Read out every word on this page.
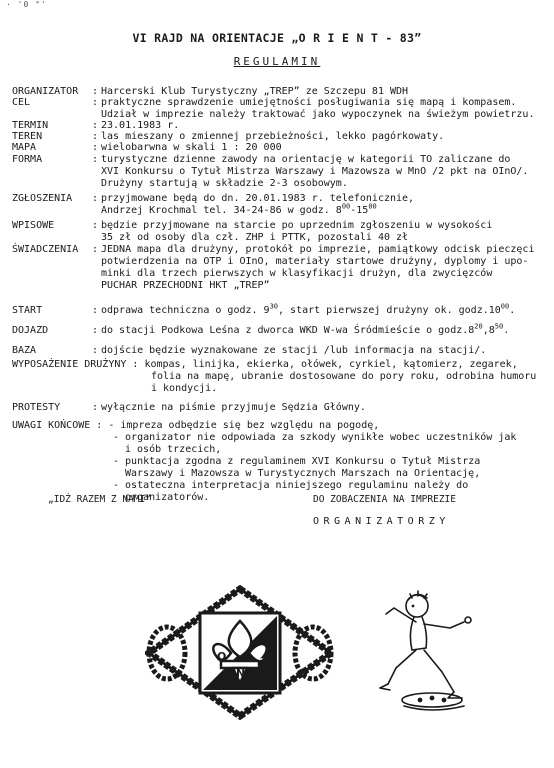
· '0 °'
VI RAJD NA ORIENTACJE „O R I E N T - 83”
REGULAMIN
ORGANIZATOR : Harcerski Klub Turystyczny „TREP” ze Szczepu 81 WDH
CEL	: praktyczne sprawdzenie umiejętności posługiwania się mapą i kompasem.
Udział w imprezie należy traktować jako wypoczynek na świeżym powietrzu.
TERMIN	: 23.01.1983 r.
TEREN	: las mieszany o zmiennej przebieżności, lekko pagórkowaty.
MAPA	: wielobarwna w skali 1 : 20 000
FORMA	: turystyczne dzienne zawody na orientację w kategorii TO zaliczane do
XVI Konkursu o Tytuł Mistrza Warszawy i Mazowsza w MnO /2 pkt na OInO/.
Drużyny startują w składzie 2-3 osobowym.
ZGŁOSZENIA : przyjmowane będą do dn. 20.01.1983 r. telefonicznie,
Andrzej Krochmal tel. 34-24-86 w godz. $8^{00}-15^{00}$
WPISOWE	: będzie przyjmowane na starcie po uprzednim zgłoszeniu w wysokości
35 zł od osoby dla czł. ZHP i PTTK, pozostali 40 zł
ŚWIADCZENIA : JEDNA mapa dla drużyny, protokół po imprezie, pamiątkowy odcisk pieczęci
potwierdzenia na OTP i OInO, materiały startowe drużyny, dyplomy i upo-
minki dla trzech pierwszych w klasyfikacji drużyn, dla zwycięzców
PUCHAR PRZECHODNI HKT „TREP”
START	: odprawa techniczna o godz. $9^{30}$, start pierwszej drużyny ok. $godz.10^{00}$.
DOJAZD	: do stacji Podkowa Leśna z dworca WKD W-wa Śródmieście o $godz.8^{20},8^{50}$.
BAZA	: dojście będzie wyznakowane ze stacji /lub informacja na stacji/.
WYPOSAŻENIE DRUŻYNY : kompas, linijka, ekierka, ołówek, cyrkiel, kątomierz, zegarek,
folia na mapę, ubranie dostosowane do pory roku, odrobina humoru
i kondycji.
PROTESTY	: wyłącznie na piśmie przyjmuje Sędzia Główny.
UWAGI KOŃCOWE : - impreza odbędzie się bez względu na pogodę,
- organizator nie odpowiada za szkody wynikłe wobec uczestników jak
i osób trzecich,
- punktacja zgodna z regulaminem XVI Konkursu o Tytuł Mistrza
Warszawy i Mazowsza w Turystycznych Marszach na Orientację,
- ostateczna interpretacja niniejszego regulaminu należy do
organizatorów.
„IDŹ RAZEM Z NAMI”	DO ZOBACZENIA NA IMPREZIE
ORGANIZATORZY
O
N
C
